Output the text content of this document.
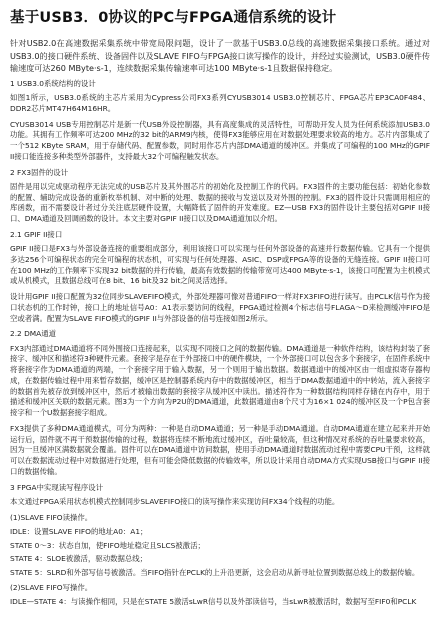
基于USB3．0协议的PC与FPGA通信系统的设计
针对USB2.0在高速数据采集系统中带宽局限问题，设计了一款基于USB3.0总线的高速数据采集接口系统。通过对USB3.0的接口硬件系统、设备固件以及SLAVE FIFO与FPGA接口读写操作的设计，并经过实验测试，USB3.0硬件传输速度可达260 MByte·s-1，连续数据采集传输速率可达100 MByte·s-1且数据保持稳定。
1 USB3.0系统结构的设计
如图1所示，USB3.0系统的主芯片采用为Cypress公司FX3系列CYUSB3014 USB3.0控制芯片、FPGA芯片EP3CA0F484、DDR2芯片MT47H64M16HR。
CYUSB3014 USB专用控制芯片是新一代USB外设控制器，具有高度集成的灵活特性，可帮助开发人员为任何系统添加USB3.0功能。其拥有工作频率可达200 MHz的32 bit的ARM9内核，使得FX3能够应用在对数据处理要求较高的地方。芯片内部集成了一个512 KByte SRAM，用于存储代码、配置参数，同时用作芯片内部DMA通道的缓冲区。并集成了可编程的100 MHz的GPIF II接口能连接多种类型外部器件，支持最大32个可编程触发状态。
2 FX3固件的设计
固件是用以完成驱动程序无法完成的USB芯片及其外围芯片的初始化及控制工作的代码。FX3固件的主要功能包括：初始化参数的配置、辅助完成设备的重新枚举机制、对中断的处理、数据的接收与发送以及对外围的控制。FX3的固件设计只需调用相应的库函数，而不需要设计者过分关注底层硬件设置，大幅降低了固件的开发难度。EZ—USB FX3的固件设计主要包括对GPIF II接口、DMA通道及回调函数的设计。本文主要对GPIF II接口以及DMA通道加以介绍。
2.1 GPIF II接口
GPIF II接口是FX3与外部设备连接的重要组成部分，利用该接口可以实现与任何外部设备的高速并行数据传输。它具有一个提供多达256个可编程状态的完全可编程的状态机，可实现与任何处理器、ASIC、DSP或FPGA等的设备的无缝连接。GPIF II接口可在100 MHz的工作频率下实现32 bit数据的并行传输，最高有效数据的传输带宽可达400 MByte·s-1，该接口可配置为主机模式或从机模式，且数据总线可在8 bit、16 bit及32 bit之间灵活选择。
设计用GPIF II接口配置为32位同步SLAVEFIFO模式，外部处理器可像对普通FIFO一样对FX3FIFO进行读写。由PCLK信号作为接口状态机的工作时钟，接口上的地址信号A0：A1表示要访问的线程，FPGA通过检测4个标志信号FLAGA～D来检测缓冲FIFO是空或者满。配置为SLAVE FIFO模式的GPIF II与外部设备的信号连接如图2所示。
2.2 DMA通道
FX3内部通过DMA通道将不同外围接口连接起来，以实现不同接口之间的数据传输。DMA通道是一种软件结构，该结构封装了套接字、缓冲区和描述符3种硬件元素。套接字是存在于外部接口中的硬件模块，一个外部接口可以包含多个套接字，在固件系统中将套接字作为DMA通道的两端，一个套接字用于输入数据，另一个则用于输出数据。数据通道中的缓冲区由一组虚拟寄存器构成，在数据传输过程中用来暂存数据，缓冲区是控制器系统内存中的数据缓冲区，相当于DMA数据通道中的中转站，流入套接字的数据首先被存放到缓冲区中，然后才被输出数据的套接字从缓冲区中读出。描述符作为一种数据结构同样存储在内存中，用于描述和缓冲区关联的数据元素。图3为一个方向为P2U的DMA通道，此数据通道由8个尺寸为16×1 024的缓冲区及一个P包含套接字和一个U数据套接字组成。
FX3提供了多种DMA通道模式，可分为两种：一种是自动DMA通道；另一种是手动DMA通道。自动DMA通道在建立起来并开始运行后，固件就不再干预数据传输的过程，数据将连续不断地流过缓冲区，吞吐量较高，但这种情况对系统的吞吐量要求较高，因为一旦缓冲区满数据就会覆盖。固件可以在DMA通道中访问数据，使用手动DMA通道时数据流动过程中需要CPU干预，这样就可以在数据流动过程中对数据进行处理，但有可能会降低数据的传输效率，所以设计采用自动DMA方式实现USB接口与GPIF II接口的数据传输。
3 FPGA中实现读写程序设计
本文通过FPGA采用状态机模式控制同步SLAVEFIFO接口的读写操作来实现访问FX34个线程的功能。
(1)SLAVE FIFO读操作。
IDLE：设置SLAVE FIFO的地址A0：A1；
STATE 0～3：状态自加，使FIFO地址稳定且SLCS被激活；
STATE 4：SLOE被激活，驱动数据总线；
STATE 5：SLRD和外部写信号被激活。当FIFO指针在PCLK的上升沿更新，这会启动从新寻址位置到数据总线上的数据传输。
(2)SLAVE FIFO写操作。
IDLE—STATE 4：与读操作相同，只是在STATE 5激活sLwR信号以及外部读信号，当sLwR被激活时，数据写至FIF0和PCLK
